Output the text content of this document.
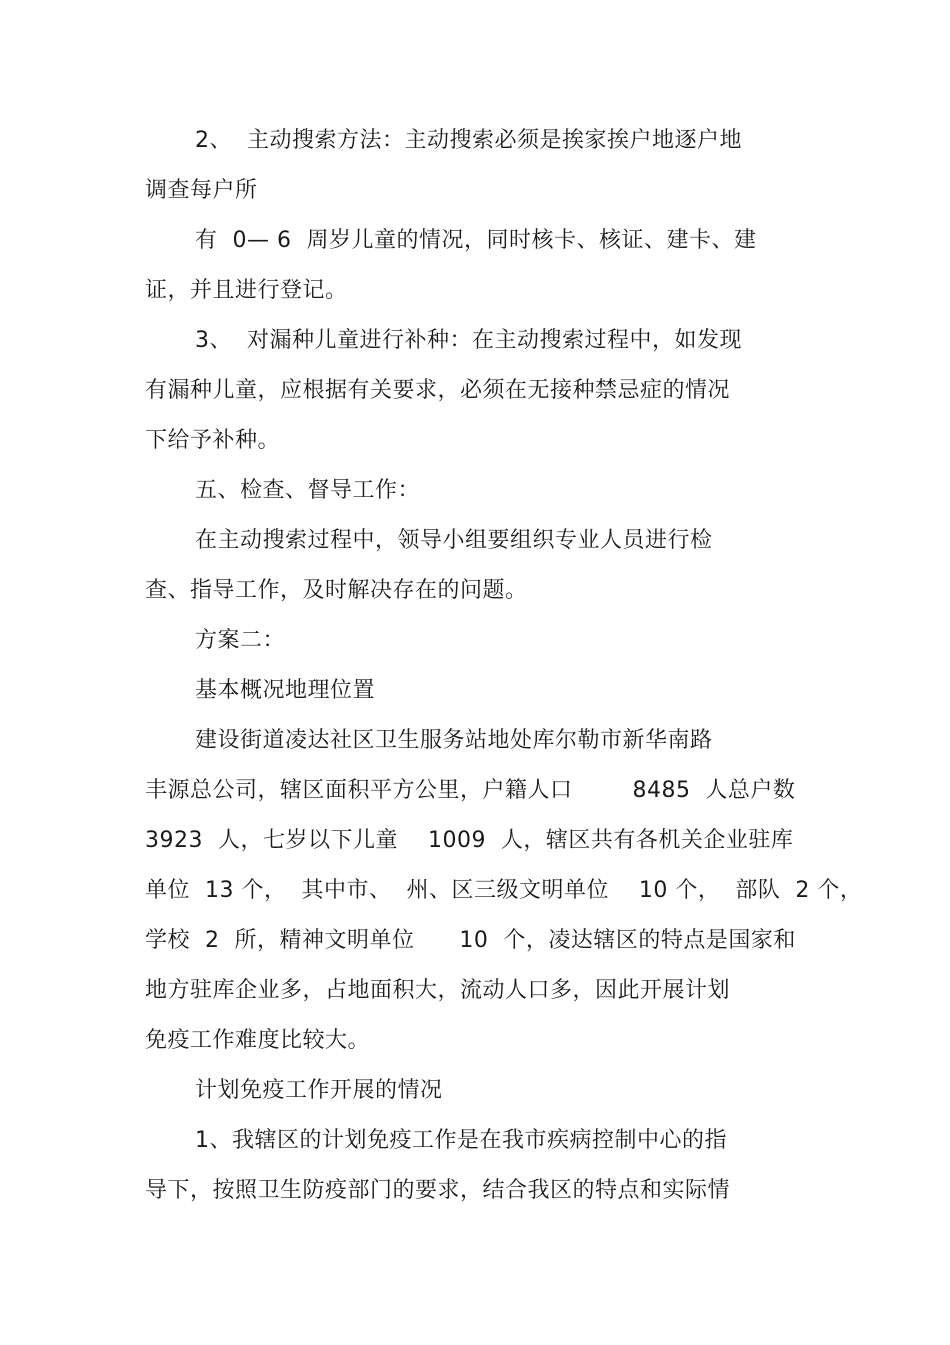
2、  主动搜索方法：主动搜索必须是挨家挨户地逐户地
调查每户所
有  0— 6  周岁儿童的情况，同时核卡、核证、建卡、建
证，并且进行登记。
3、  对漏种儿童进行补种：在主动搜索过程中，如发现
有漏种儿童，应根据有关要求，必须在无接种禁忌症的情况
下给予补种。
五、检查、督导工作：
在主动搜索过程中，领导小组要组织专业人员进行检
查、指导工作，及时解决存在的问题。
方案二：
基本概况地理位置
建设街道凌达社区卫生服务站地处库尔勒市新华南路
丰源总公司，辖区面积平方公里，户籍人口        8485  人总户数
3923  人，七岁以下儿童    1009  人，辖区共有各机关企业驻库
单位  13 个，  其中市、  州、区三级文明单位    10 个，  部队  2 个，
学校  2  所，精神文明单位      10  个，凌达辖区的特点是国家和
地方驻库企业多，占地面积大，流动人口多，因此开展计划
免疫工作难度比较大。
计划免疫工作开展的情况
1、我辖区的计划免疫工作是在我市疾病控制中心的指
导下，按照卫生防疫部门的要求，结合我区的特点和实际情
